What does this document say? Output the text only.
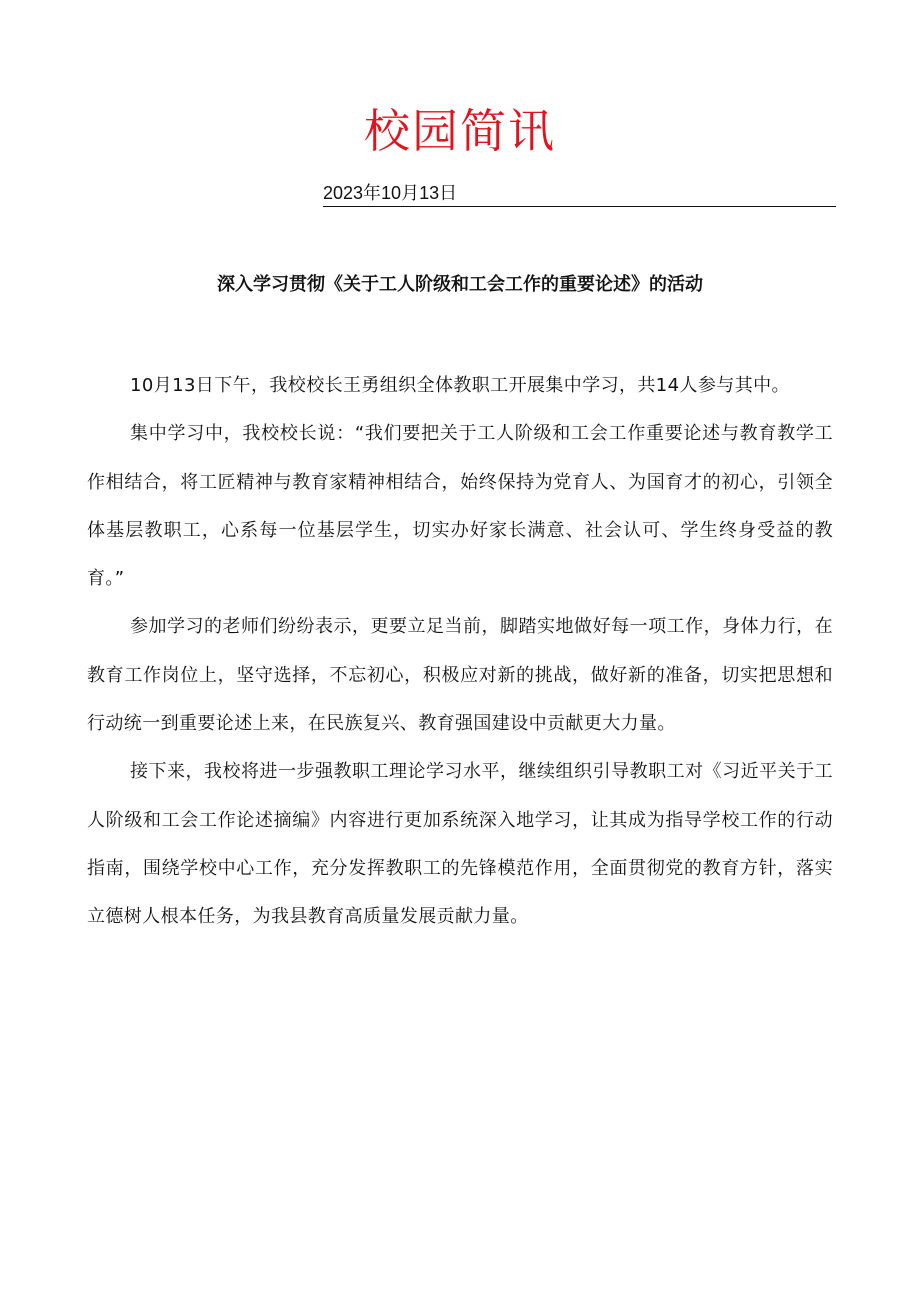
校园简讯
2023年10月13日
深入学习贯彻《关于工人阶级和工会工作的重要论述》的活动

10月13日下午，我校校长王勇组织全体教职工开展集中学习，共14人参与其中。

集中学习中，我校校长说：“我们要把关于工人阶级和工会工作重要论述与教育教学工作相结合，将工匠精神与教育家精神相结合，始终保持为党育人、为国育才的初心，引领全体基层教职工，心系每一位基层学生，切实办好家长满意、社会认可、学生终身受益的教育。”

参加学习的老师们纷纷表示，更要立足当前，脚踏实地做好每一项工作，身体力行，在教育工作岗位上，坚守选择，不忘初心，积极应对新的挑战，做好新的准备，切实把思想和行动统一到重要论述上来，在民族复兴、教育强国建设中贡献更大力量。

接下来，我校将进一步强教职工理论学习水平，继续组织引导教职工对《习近平关于工人阶级和工会工作论述摘编》内容进行更加系统深入地学习，让其成为指导学校工作的行动指南，围绕学校中心工作，充分发挥教职工的先锋模范作用，全面贯彻党的教育方针，落实立德树人根本任务，为我县教育高质量发展贡献力量。
